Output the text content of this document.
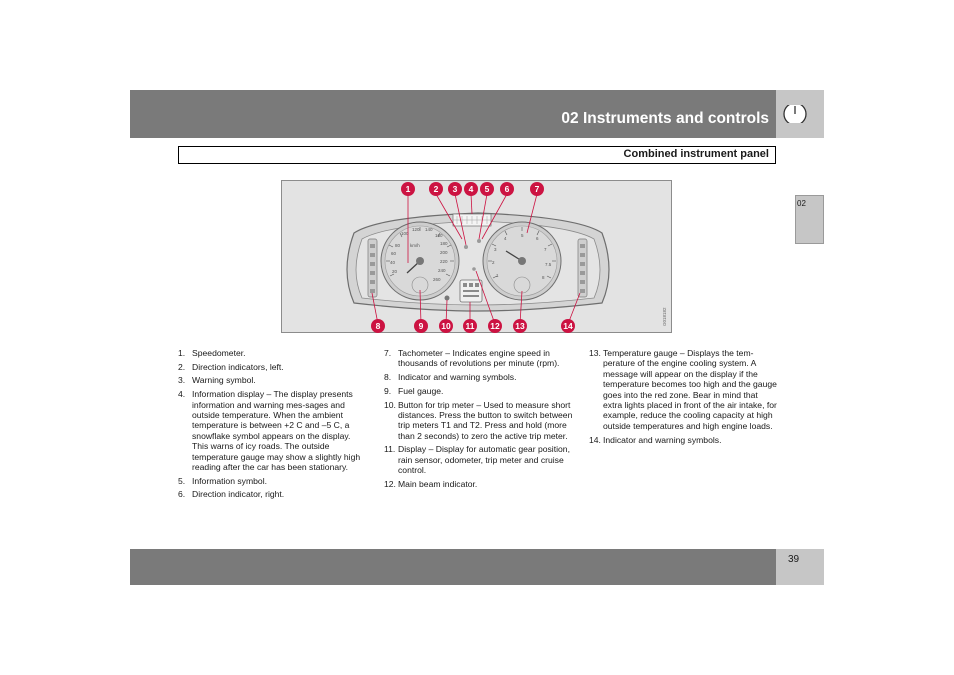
02 Instruments and controls
Combined instrument panel
02
80
60
40
20
100
120 140
160
180
200
220
240
260
km/h
1
2
3
4
5
6
7
7.5
8
1	2 3 4 5 6	7
8	9 10 11 12 13	14	G018182
1. Speedometer.
2. Direction indicators, left.
3. Warning symbol.
4. Information display – The display presents information and warning mes-sages and outside temperature. When the ambient temperature is between +2 C and –5 C, a snowflake symbol appears on the display. This warns of icy roads. The outside temperature gauge may show a slightly high reading after the car has been stationary.
5. Information symbol.
6. Direction indicator, right.
7. Tachometer – Indicates engine speed in thousands of revolutions per minute (rpm).
8. Indicator and warning symbols.
9. Fuel gauge.
10. Button for trip meter – Used to measure short distances. Press the button to switch between trip meters T1 and T2. Press and hold (more than 2 seconds) to zero the active trip meter.
11. Display – Display for automatic gear position, rain sensor, odometer, trip meter and cruise control.
12. Main beam indicator.
13. Temperature gauge – Displays the tem-perature of the engine cooling system. A message will appear on the display if the temperature becomes too high and the gauge goes into the red zone. Bear in mind that extra lights placed in front of the air intake, for example, reduce the cooling capacity at high outside temperatures and high engine loads.
14. Indicator and warning symbols.
39
